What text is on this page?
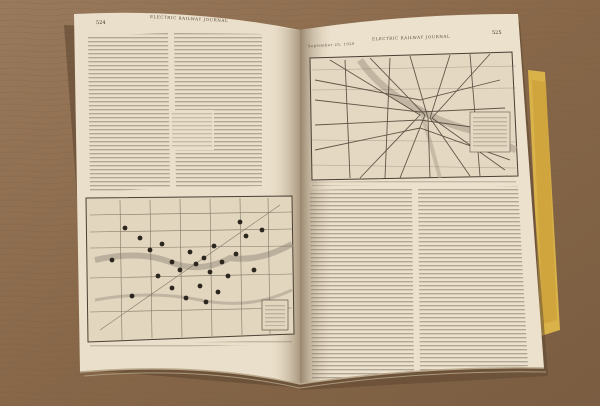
524	ELECTRIC RAILWAY JOURNAL
September 25, 1920
ELECTRIC RAILWAY JOURNAL
525
